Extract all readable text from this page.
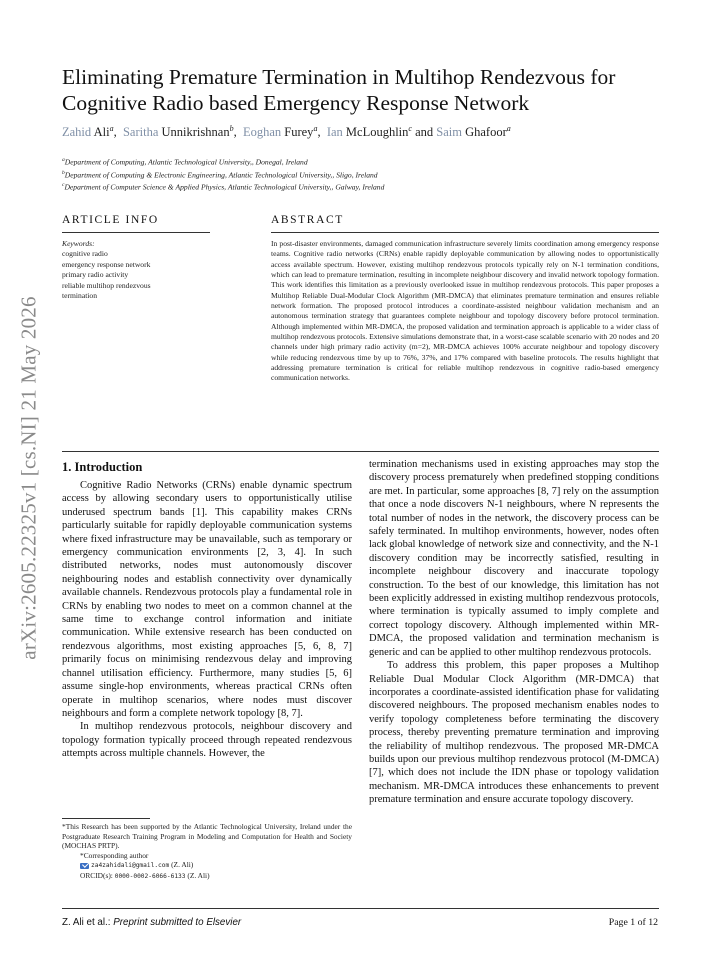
arXiv:2605.22325v1 [cs.NI] 21 May 2026
Eliminating Premature Termination in Multihop Rendezvous for
Cognitive Radio based Emergency Response Network
Zahid Ali$^a$, Saritha Unnikrishnan$^b$, Eoghan Furey$^a$, Ian McLoughlin$^c$ and Saim Ghafoor$^a$
$^a$Department of Computing, Atlantic Technological University,, Donegal, Ireland
$^b$Department of Computing & Electronic Engineering, Atlantic Technological University,, Sligo, Ireland
$^c$Department of Computer Science & Applied Physics, Atlantic Technological University,, Galway, Ireland
ARTICLE INFO	ABSTRACT
Keywords:
cognitive radio
emergency response network
primary radio activity
reliable multihop rendezvous
termination
In post-disaster environments, damaged communication infrastructure severely limits coordination among emergency response teams. Cognitive radio networks (CRNs) enable rapidly deployable communication by allowing nodes to opportunistically access available spectrum. However, existing multihop rendezvous protocols typically rely on N-1 termination conditions, which can lead to premature termination, resulting in incomplete neighbour discovery and invalid network topology formation. This work identifies this limitation as a previously overlooked issue in multihop rendezvous protocols. This paper proposes a Multihop Reliable Dual-Modular Clock Algorithm (MR-DMCA) that eliminates premature termination and ensures reliable network formation. The proposed protocol introduces a coordinate-assisted neighbour validation mechanism and an autonomous termination strategy that guarantees complete neighbour and topology discovery before protocol termination. Although implemented within MR-DMCA, the proposed validation and termination approach is applicable to a wider class of multihop rendezvous protocols. Extensive simulations demonstrate that, in a worst-case scalable scenario with 20 nodes and 20 channels under high primary radio activity (m=2), MR-DMCA achieves 100% accurate neighbour and topology discovery while reducing rendezvous time by up to 76%, 37%, and 17% compared with baseline protocols. The results highlight that addressing premature termination is critical for reliable multihop rendezvous in cognitive radio-based emergency communication networks.
1. Introduction

Cognitive Radio Networks (CRNs) enable dynamic spectrum access by allowing secondary users to opportunistically utilise underused spectrum bands [1]. This capability makes CRNs particularly suitable for rapidly deployable communication systems where fixed infrastructure may be unavailable, such as temporary or emergency communication environments [2, 3, 4]. In such distributed networks, nodes must autonomously discover neighbouring nodes and establish connectivity over dynamically available channels. Rendezvous protocols play a fundamental role in CRNs by enabling two nodes to meet on a common channel at the same time to exchange control information and initiate communication. While extensive research has been conducted on rendezvous algorithms, most existing approaches [5, 6, 8, 7] primarily focus on minimising rendezvous delay and improving channel utilisation efficiency. Furthermore, many studies [5, 6] assume single-hop environments, whereas practical CRNs often operate in multihop scenarios, where nodes must discover neighbours and form a complete network topology [8, 7].

In multihop rendezvous protocols, neighbour discovery and topology formation typically proceed through repeated rendezvous attempts across multiple channels. However, the

*This Research has been supported by the Atlantic Technological University, Ireland under the Postgraduate Research Training Program in Modeling and Computation for Health and Society (MOCHAS PRTP).

*Corresponding author

za4zahidali@gmail.com (Z. Ali)

ORCID(s): 0000-0002-6066-6133 (Z. Ali)

termination mechanisms used in existing approaches may stop the discovery process prematurely when predefined stopping conditions are met. In particular, some approaches [8, 7] rely on the assumption that once a node discovers N-1 neighbours, where N represents the total number of nodes in the network, the discovery process can be safely terminated. In multihop environments, however, nodes often lack global knowledge of network size and connectivity, and the N-1 discovery condition may be incorrectly satisfied, resulting in incomplete neighbour discovery and inaccurate topology construction. To the best of our knowledge, this limitation has not been explicitly addressed in existing multihop rendezvous protocols, where termination is typically assumed to imply complete and correct topology discovery. Although implemented within MR-DMCA, the proposed validation and termination mechanism is generic and can be applied to other multihop rendezvous protocols.

To address this problem, this paper proposes a Multihop Reliable Dual Modular Clock Algorithm (MR-DMCA) that incorporates a coordinate-assisted identification phase for validating discovered neighbours. The proposed mechanism enables nodes to verify topology completeness before terminating the discovery process, thereby preventing premature termination and improving the reliability of multihop rendezvous. The proposed MR-DMCA builds upon our previous multihop rendezvous protocol (M-DMCA) [7], which does not include the IDN phase or topology validation mechanism. MR-DMCA introduces these enhancements to prevent premature termination and ensure accurate topology discovery.

Z. Ali et al.: Preprint submitted to Elsevier	Page 1 of 12
